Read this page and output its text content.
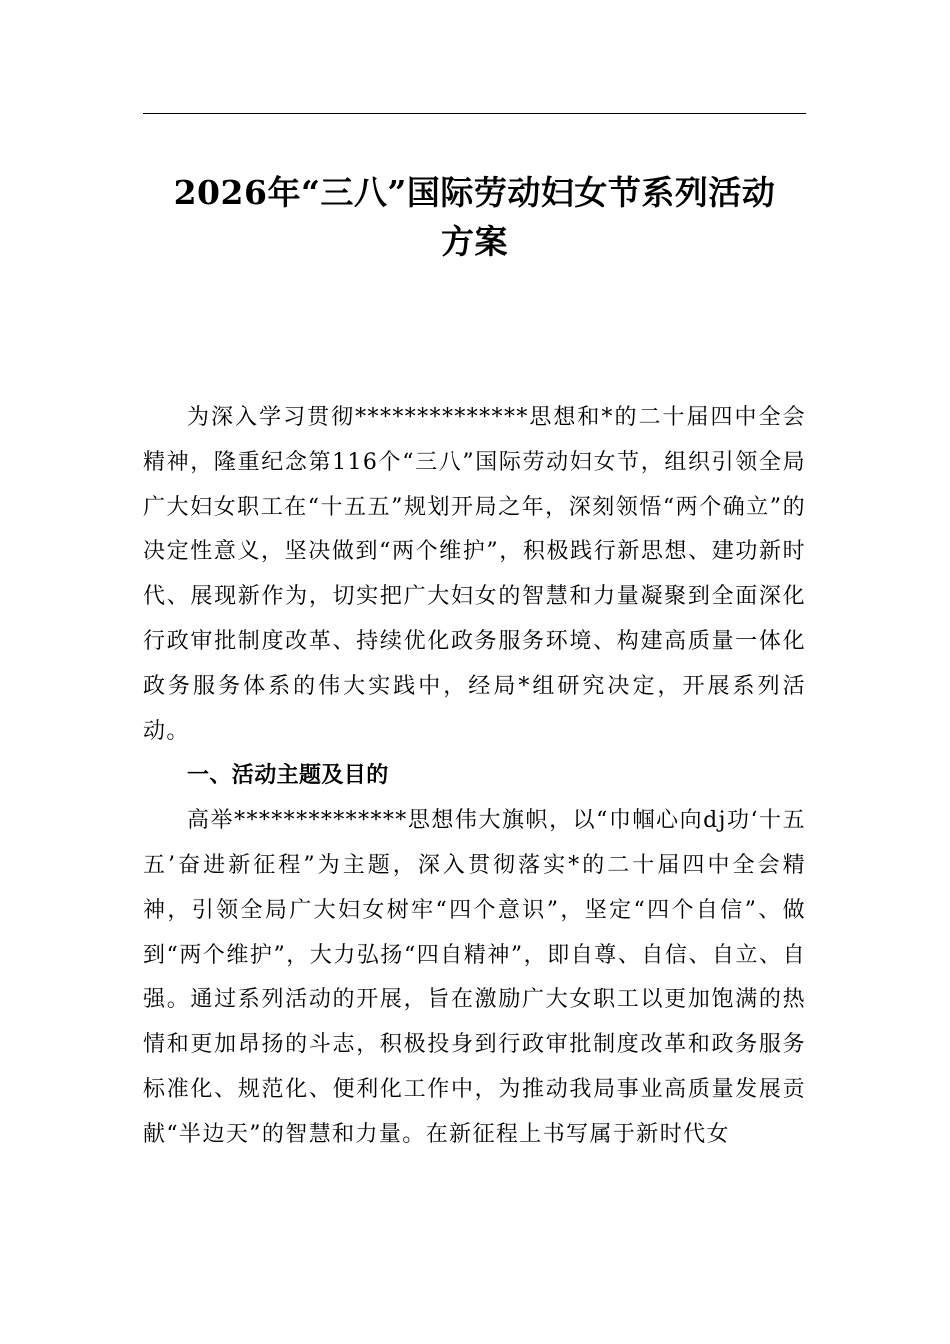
2026年“三八”国际劳动妇女节系列活动
方案

为深入学习贯彻**************思想和*的二十届四中全会精神，隆重纪念第116个“三八”国际劳动妇女节，组织引领全局广大妇女职工在“十五五”规划开局之年，深刻领悟“两个确立”的决定性意义，坚决做到“两个维护”，积极践行新思想、建功新时代、展现新作为，切实把广大妇女的智慧和力量凝聚到全面深化行政审批制度改革、持续优化政务服务环境、构建高质量一体化政务服务体系的伟大实践中，经局*组研究决定，开展系列活动。

一、活动主题及目的

高举**************思想伟大旗帜，以“巾帼心向dj功‘十五五’奋进新征程”为主题，深入贯彻落实*的二十届四中全会精神，引领全局广大妇女树牢“四个意识”，坚定“四个自信”、做到“两个维护”，大力弘扬“四自精神”，即自尊、自信、自立、自强。通过系列活动的开展，旨在激励广大女职工以更加饱满的热情和更加昂扬的斗志，积极投身到行政审批制度改革和政务服务标准化、规范化、便利化工作中，为推动我局事业高质量发展贡献“半边天”的智慧和力量。在新征程上书写属于新时代女
